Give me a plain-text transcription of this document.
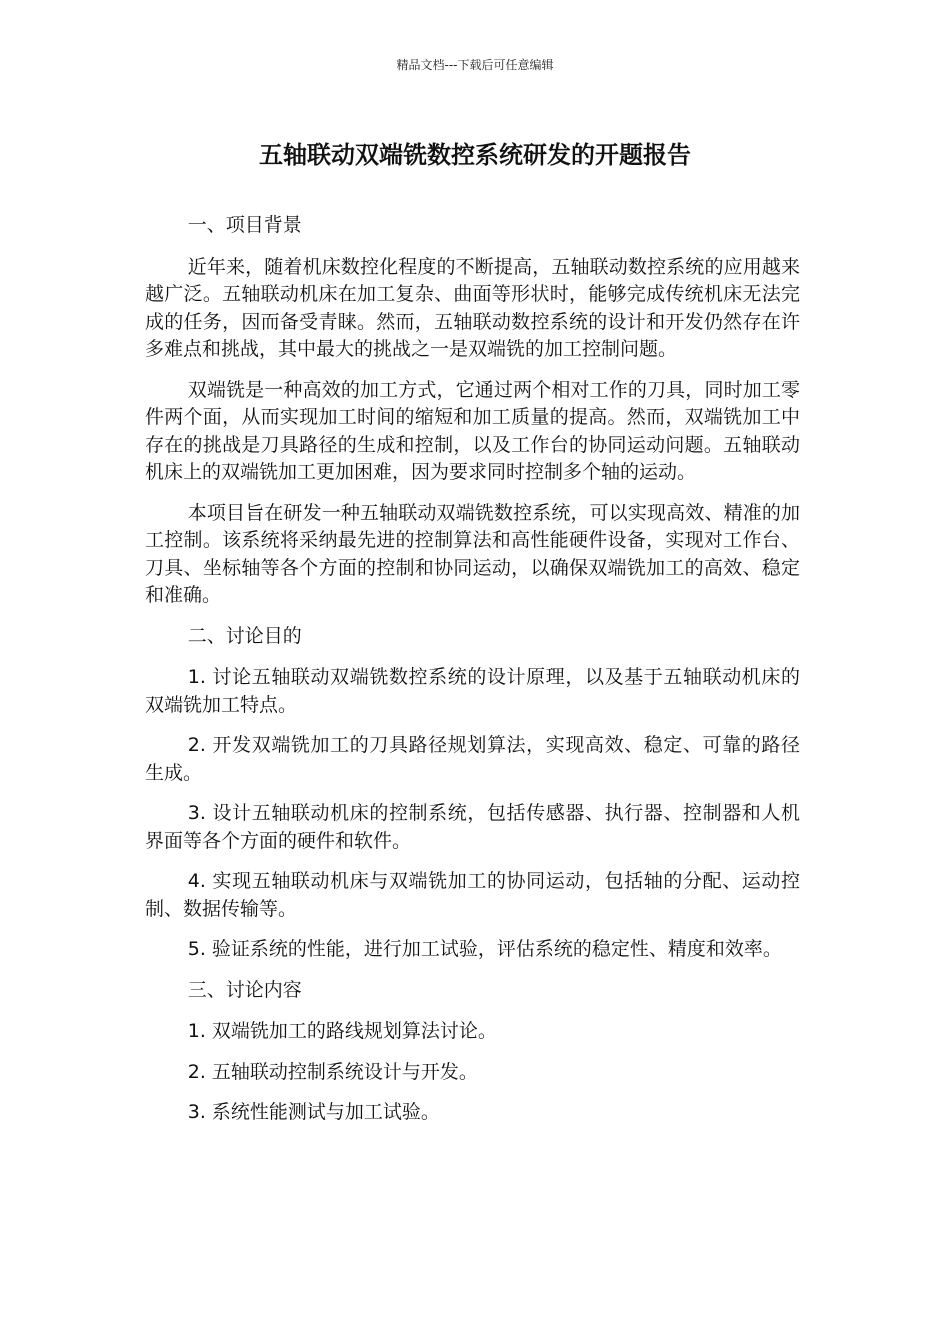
精品文档---下载后可任意编辑
五轴联动双端铣数控系统研发的开题报告

一、项目背景

近年来，随着机床数控化程度的不断提高，五轴联动数控系统的应用越来越广泛。五轴联动机床在加工复杂、曲面等形状时，能够完成传统机床无法完成的任务，因而备受青睐。然而，五轴联动数控系统的设计和开发仍然存在许多难点和挑战，其中最大的挑战之一是双端铣的加工控制问题。

双端铣是一种高效的加工方式，它通过两个相对工作的刀具，同时加工零件两个面，从而实现加工时间的缩短和加工质量的提高。然而，双端铣加工中存在的挑战是刀具路径的生成和控制，以及工作台的协同运动问题。五轴联动机床上的双端铣加工更加困难，因为要求同时控制多个轴的运动。

本项目旨在研发一种五轴联动双端铣数控系统，可以实现高效、精准的加工控制。该系统将采纳最先进的控制算法和高性能硬件设备，实现对工作台、刀具、坐标轴等各个方面的控制和协同运动，以确保双端铣加工的高效、稳定和准确。

二、讨论目的

1. 讨论五轴联动双端铣数控系统的设计原理，以及基于五轴联动机床的双端铣加工特点。

2. 开发双端铣加工的刀具路径规划算法，实现高效、稳定、可靠的路径生成。

3. 设计五轴联动机床的控制系统，包括传感器、执行器、控制器和人机界面等各个方面的硬件和软件。

4. 实现五轴联动机床与双端铣加工的协同运动，包括轴的分配、运动控制、数据传输等。

5. 验证系统的性能，进行加工试验，评估系统的稳定性、精度和效率。

三、讨论内容

1. 双端铣加工的路线规划算法讨论。

2. 五轴联动控制系统设计与开发。

3. 系统性能测试与加工试验。
